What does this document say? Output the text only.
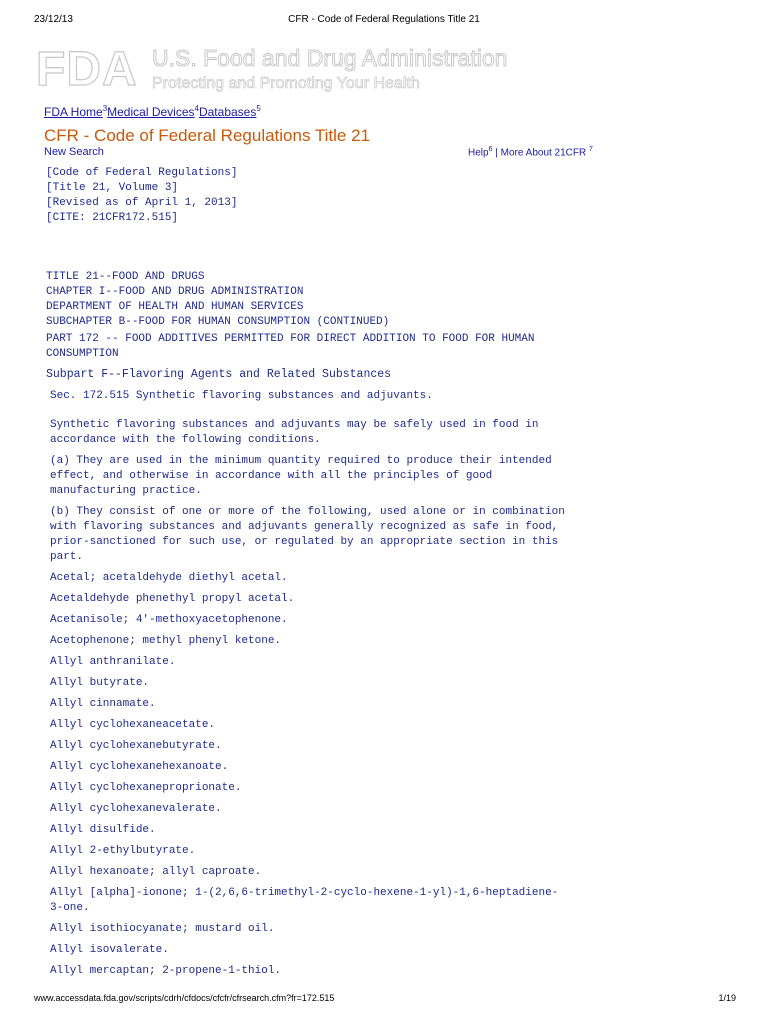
23/12/13	CFR - Code of Federal Regulations Title 21
FDA U.S. Food and Drug Administration
Protecting and Promoting Your Health
FDA Home$^3$Medical Devices$^4$Databases$^5$
CFR - Code of Federal Regulations Title 21
New Search	Help$^6$ | More About 21CFR $^7$
[Code of Federal Regulations]
[Title 21, Volume 3]
[Revised as of April 1, 2013]
[CITE: 21CFR172.515]
TITLE 21--FOOD AND DRUGS
CHAPTER I--FOOD AND DRUG ADMINISTRATION
DEPARTMENT OF HEALTH AND HUMAN SERVICES
SUBCHAPTER B--FOOD FOR HUMAN CONSUMPTION (CONTINUED)
PART 172 -- FOOD ADDITIVES PERMITTED FOR DIRECT ADDITION TO FOOD FOR HUMAN CONSUMPTION
Subpart F--Flavoring Agents and Related Substances
Sec. 172.515 Synthetic flavoring substances and adjuvants.
Synthetic flavoring substances and adjuvants may be safely used in food in accordance with the following conditions.
(a) They are used in the minimum quantity required to produce their intended effect, and otherwise in accordance with all the principles of good manufacturing practice.
(b) They consist of one or more of the following, used alone or in combination with flavoring substances and adjuvants generally recognized as safe in food, prior-sanctioned for such use, or regulated by an appropriate section in this part.
Acetal; acetaldehyde diethyl acetal.
Acetaldehyde phenethyl propyl acetal.
Acetanisole; 4'-methoxyacetophenone.
Acetophenone; methyl phenyl ketone.
Allyl anthranilate.
Allyl butyrate.
Allyl cinnamate.
Allyl cyclohexaneacetate.
Allyl cyclohexanebutyrate.
Allyl cyclohexanehexanoate.
Allyl cyclohexaneproprionate.
Allyl cyclohexanevalerate.
Allyl disulfide.
Allyl 2-ethylbutyrate.
Allyl hexanoate; allyl caproate.
Allyl [alpha]-ionone; 1-(2,6,6-trimethyl-2-cyclo-hexene-1-yl)-1,6-heptadiene-3-one.
Allyl isothiocyanate; mustard oil.
Allyl isovalerate.
Allyl mercaptan; 2-propene-1-thiol.
www.accessdata.fda.gov/scripts/cdrh/cfdocs/cfcfr/cfrsearch.cfm?fr=172.515	1/19
